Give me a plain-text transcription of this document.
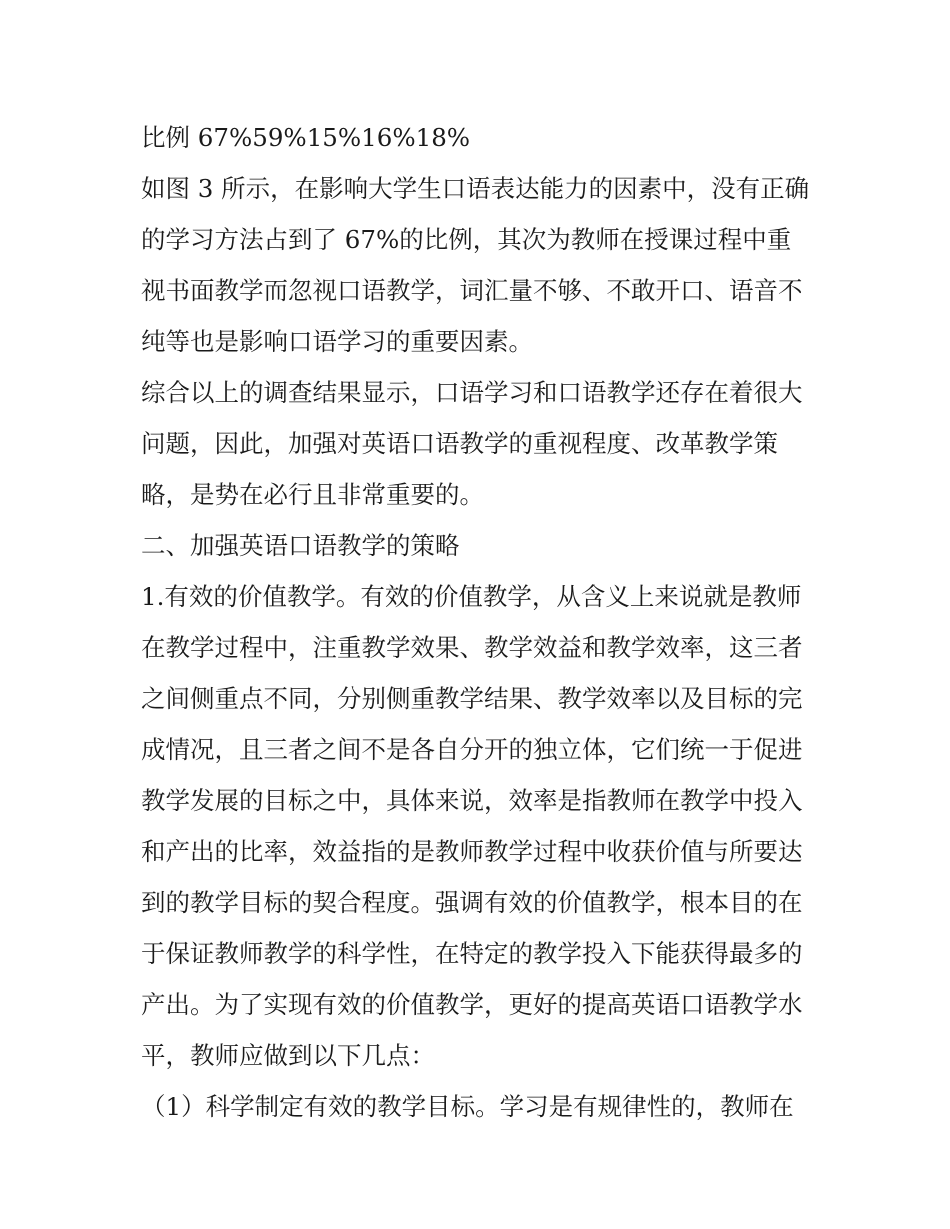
比例 67%59%15%16%18%
如图 3 所示，在影响大学生口语表达能力的因素中，没有正确
的学习方法占到了 67%的比例，其次为教师在授课过程中重
视书面教学而忽视口语教学，词汇量不够、不敢开口、语音不
纯等也是影响口语学习的重要因素。
综合以上的调查结果显示，口语学习和口语教学还存在着很大
问题，因此，加强对英语口语教学的重视程度、改革教学策
略，是势在必行且非常重要的。
二、加强英语口语教学的策略
1.有效的价值教学。有效的价值教学，从含义上来说就是教师
在教学过程中，注重教学效果、教学效益和教学效率，这三者
之间侧重点不同，分别侧重教学结果、教学效率以及目标的完
成情况，且三者之间不是各自分开的独立体，它们统一于促进
教学发展的目标之中，具体来说，效率是指教师在教学中投入
和产出的比率，效益指的是教师教学过程中收获价值与所要达
到的教学目标的契合程度。强调有效的价值教学，根本目的在
于保证教师教学的科学性，在特定的教学投入下能获得最多的
产出。为了实现有效的价值教学，更好的提高英语口语教学水
平，教师应做到以下几点：
（1）科学制定有效的教学目标。学习是有规律性的，教师在
